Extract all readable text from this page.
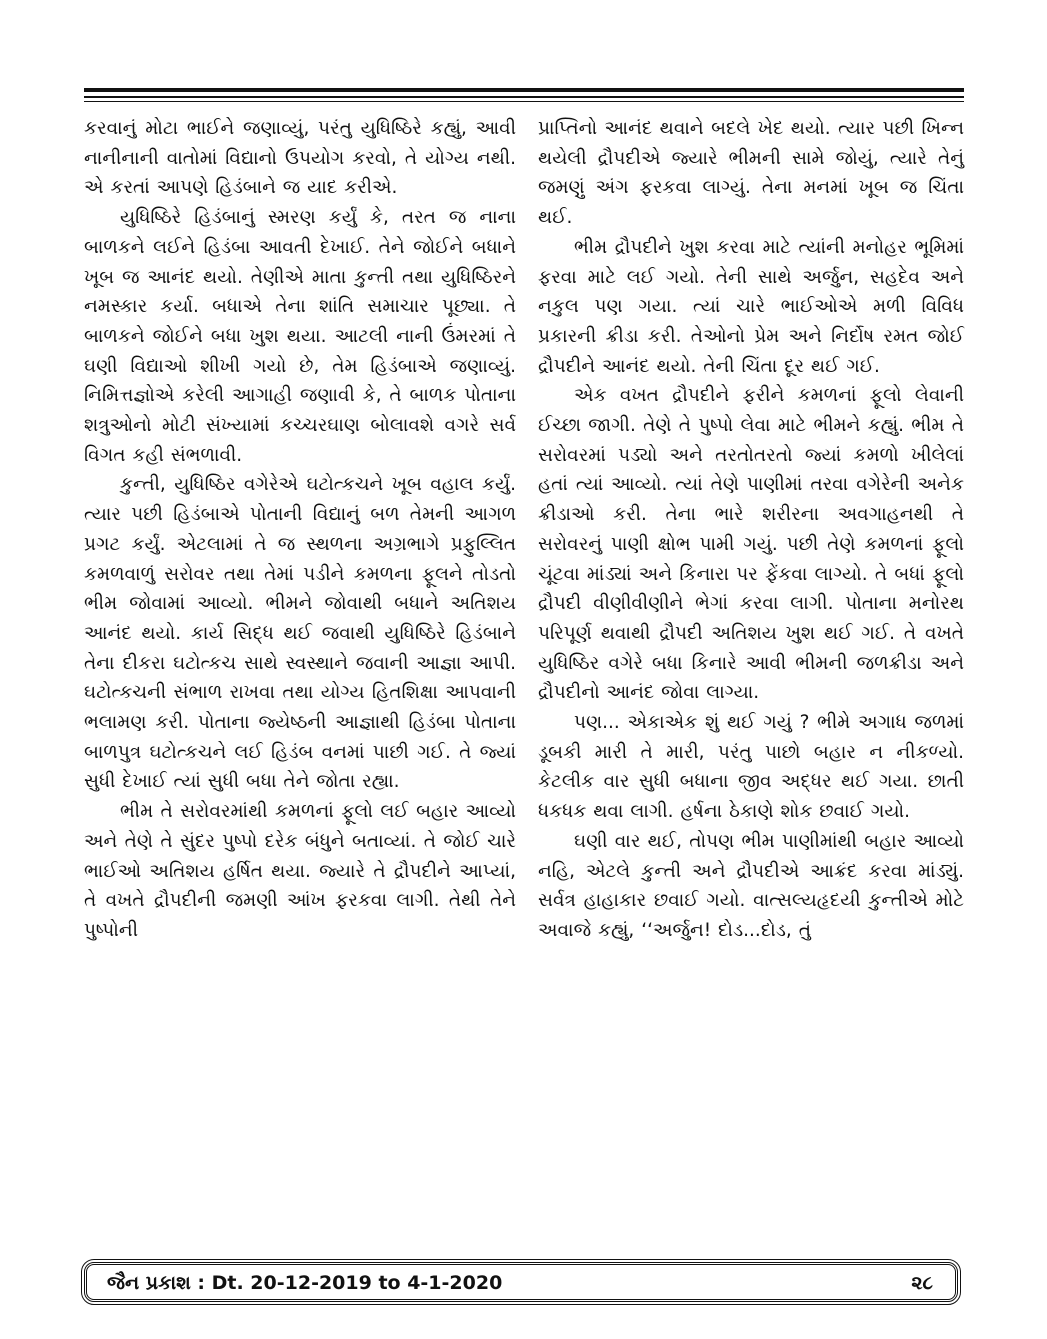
કરવાનું મોટા ભાઈને જણાવ્યું, પરંતુ યુધિષ્ઠિરે કહ્યું, આવી નાનીનાની વાતોમાં વિદ્યાનો ઉપયોગ કરવો, તે યોગ્ય નથી. એ કરતાં આપણે હિડંબાને જ યાદ કરીએ.

યુધિષ્ઠિરે હિડંબાનું સ્મરણ કર્યું કે, તરત જ નાના બાળકને લઈને હિડંબા આવતી દેખાઈ. તેને જોઈને બધાને ખૂબ જ આનંદ થયો. તેણીએ માતા કુન્તી તથા યુધિષ્ઠિરને નમસ્કાર કર્યા. બધાએ તેના શાંતિ સમાચાર પૂછ્યા. તે બાળકને જોઈને બધા ખુશ થયા. આટલી નાની ઉંમરમાં તે ઘણી વિદ્યાઓ શીખી ગયો છે, તેમ હિડંબાએ જણાવ્યું. નિમિત્તજ્ઞોએ કરેલી આગાહી જણાવી કે, તે બાળક પોતાના શત્રુઓનો મોટી સંખ્યામાં કચ્ચરઘાણ બોલાવશે વગરે સર્વ વિગત કહી સંભળાવી.

કુન્તી, યુધિષ્ઠિર વગેરેએ ઘટોત્કચને ખૂબ વહાલ કર્યું. ત્યાર પછી હિડંબાએ પોતાની વિદ્યાનું બળ તેમની આગળ પ્રગટ કર્યું. એટલામાં તે જ સ્થળના અગ્રભાગે પ્રફુલ્લિત કમળવાળું સરોવર તથા તેમાં પડીને કમળના ફૂલને તોડતો ભીમ જોવામાં આવ્યો. ભીમને જોવાથી બધાને અતિશય આનંદ થયો. કાર્ય સિદ્ધ થઈ જવાથી યુધિષ્ઠિરે હિડંબાને તેના દીકરા ઘટોત્કચ સાથે સ્વસ્થાને જવાની આજ્ઞા આપી. ઘટોત્કચની સંભાળ રાખવા તથા યોગ્ય હિતશિક્ષા આપવાની ભલામણ કરી. પોતાના જ્યેષ્ઠની આજ્ઞાથી હિડંબા પોતાના બાળપુત્ર ઘટોત્કચને લઈ હિડંબ વનમાં પાછી ગઈ. તે જ્યાં સુધી દેખાઈ ત્યાં સુધી બધા તેને જોતા રહ્યા.

ભીમ તે સરોવરમાંથી કમળનાં ફૂલો લઈ બહાર આવ્યો અને તેણે તે સુંદર પુષ્પો દરેક બંધુને બતાવ્યાં. તે જોઈ ચારે ભાઈઓ અતિશય હર્ષિત થયા. જ્યારે તે દ્રૌપદીને આપ્યાં, તે વખતે દ્રૌપદીની જમણી આંખ ફરકવા લાગી. તેથી તેને પુષ્પોની

પ્રાપ્તિનો આનંદ થવાને બદલે ખેદ થયો. ત્યાર પછી ખિન્ન થયેલી દ્રૌપદીએ જ્યારે ભીમની સામે જોયું, ત્યારે તેનું જમણું અંગ ફરકવા લાગ્યું. તેના મનમાં ખૂબ જ ચિંતા થઈ.

ભીમ દ્રૌપદીને ખુશ કરવા માટે ત્યાંની મનોહર ભૂમિમાં ફરવા માટે લઈ ગયો. તેની સાથે અર્જુન, સહદેવ અને નકુલ પણ ગયા. ત્યાં ચારે ભાઈઓએ મળી વિવિધ પ્રકારની ક્રીડા કરી. તેઓનો પ્રેમ અને નિર્દોષ રમત જોઈ દ્રૌપદીને આનંદ થયો. તેની ચિંતા દૂર થઈ ગઈ.

એક વખત દ્રૌપદીને ફરીને કમળનાં ફૂલો લેવાની ઈચ્છા જાગી. તેણે તે પુષ્પો લેવા માટે ભીમને કહ્યું. ભીમ તે સરોવરમાં પડ્યો અને તરતોતરતો જ્યાં કમળો ખીલેલાં હતાં ત્યાં આવ્યો. ત્યાં તેણે પાણીમાં તરવા વગેરેની અનેક ક્રીડાઓ કરી. તેના ભારે શરીરના અવગાહનથી તે સરોવરનું પાણી ક્ષોભ પામી ગયું. પછી તેણે કમળનાં ફૂલો ચૂંટવા માંડ્યાં અને કિનારા પર ફેંકવા લાગ્યો. તે બધાં ફૂલો દ્રૌપદી વીણીવીણીને ભેગાં કરવા લાગી. પોતાના મનોરથ પરિપૂર્ણ થવાથી દ્રૌપદી અતિશય ખુશ થઈ ગઈ. તે વખતે યુધિષ્ઠિર વગેરે બધા કિનારે આવી ભીમની જળક્રીડા અને દ્રૌપદીનો આનંદ જોવા લાગ્યા.

પણ... એકાએક શું થઈ ગયું ? ભીમે અગાધ જળમાં ડૂબકી મારી તે મારી, પરંતુ પાછો બહાર ન નીકળ્યો. કેટલીક વાર સુધી બધાના જીવ અદ્ધર થઈ ગયા. છાતી ધકધક થવા લાગી. હર્ષના ઠેકાણે શોક છવાઈ ગયો.

ઘણી વાર થઈ, તોપણ ભીમ પાણીમાંથી બહાર આવ્યો નહિ, એટલે કુન્તી અને દ્રૌપદીએ આક્રંદ કરવા માંડ્યું. સર્વત્ર હાહાકાર છવાઈ ગયો. વાત્સલ્યહૃદયી કુન્તીએ મોટે અવાજે કહ્યું, ‘‘અર્જુન! દોડ...દોડ, તું

જૈન પ્રકાશ : Dt. 20-12-2019 to 4-1-2020	૨૮
